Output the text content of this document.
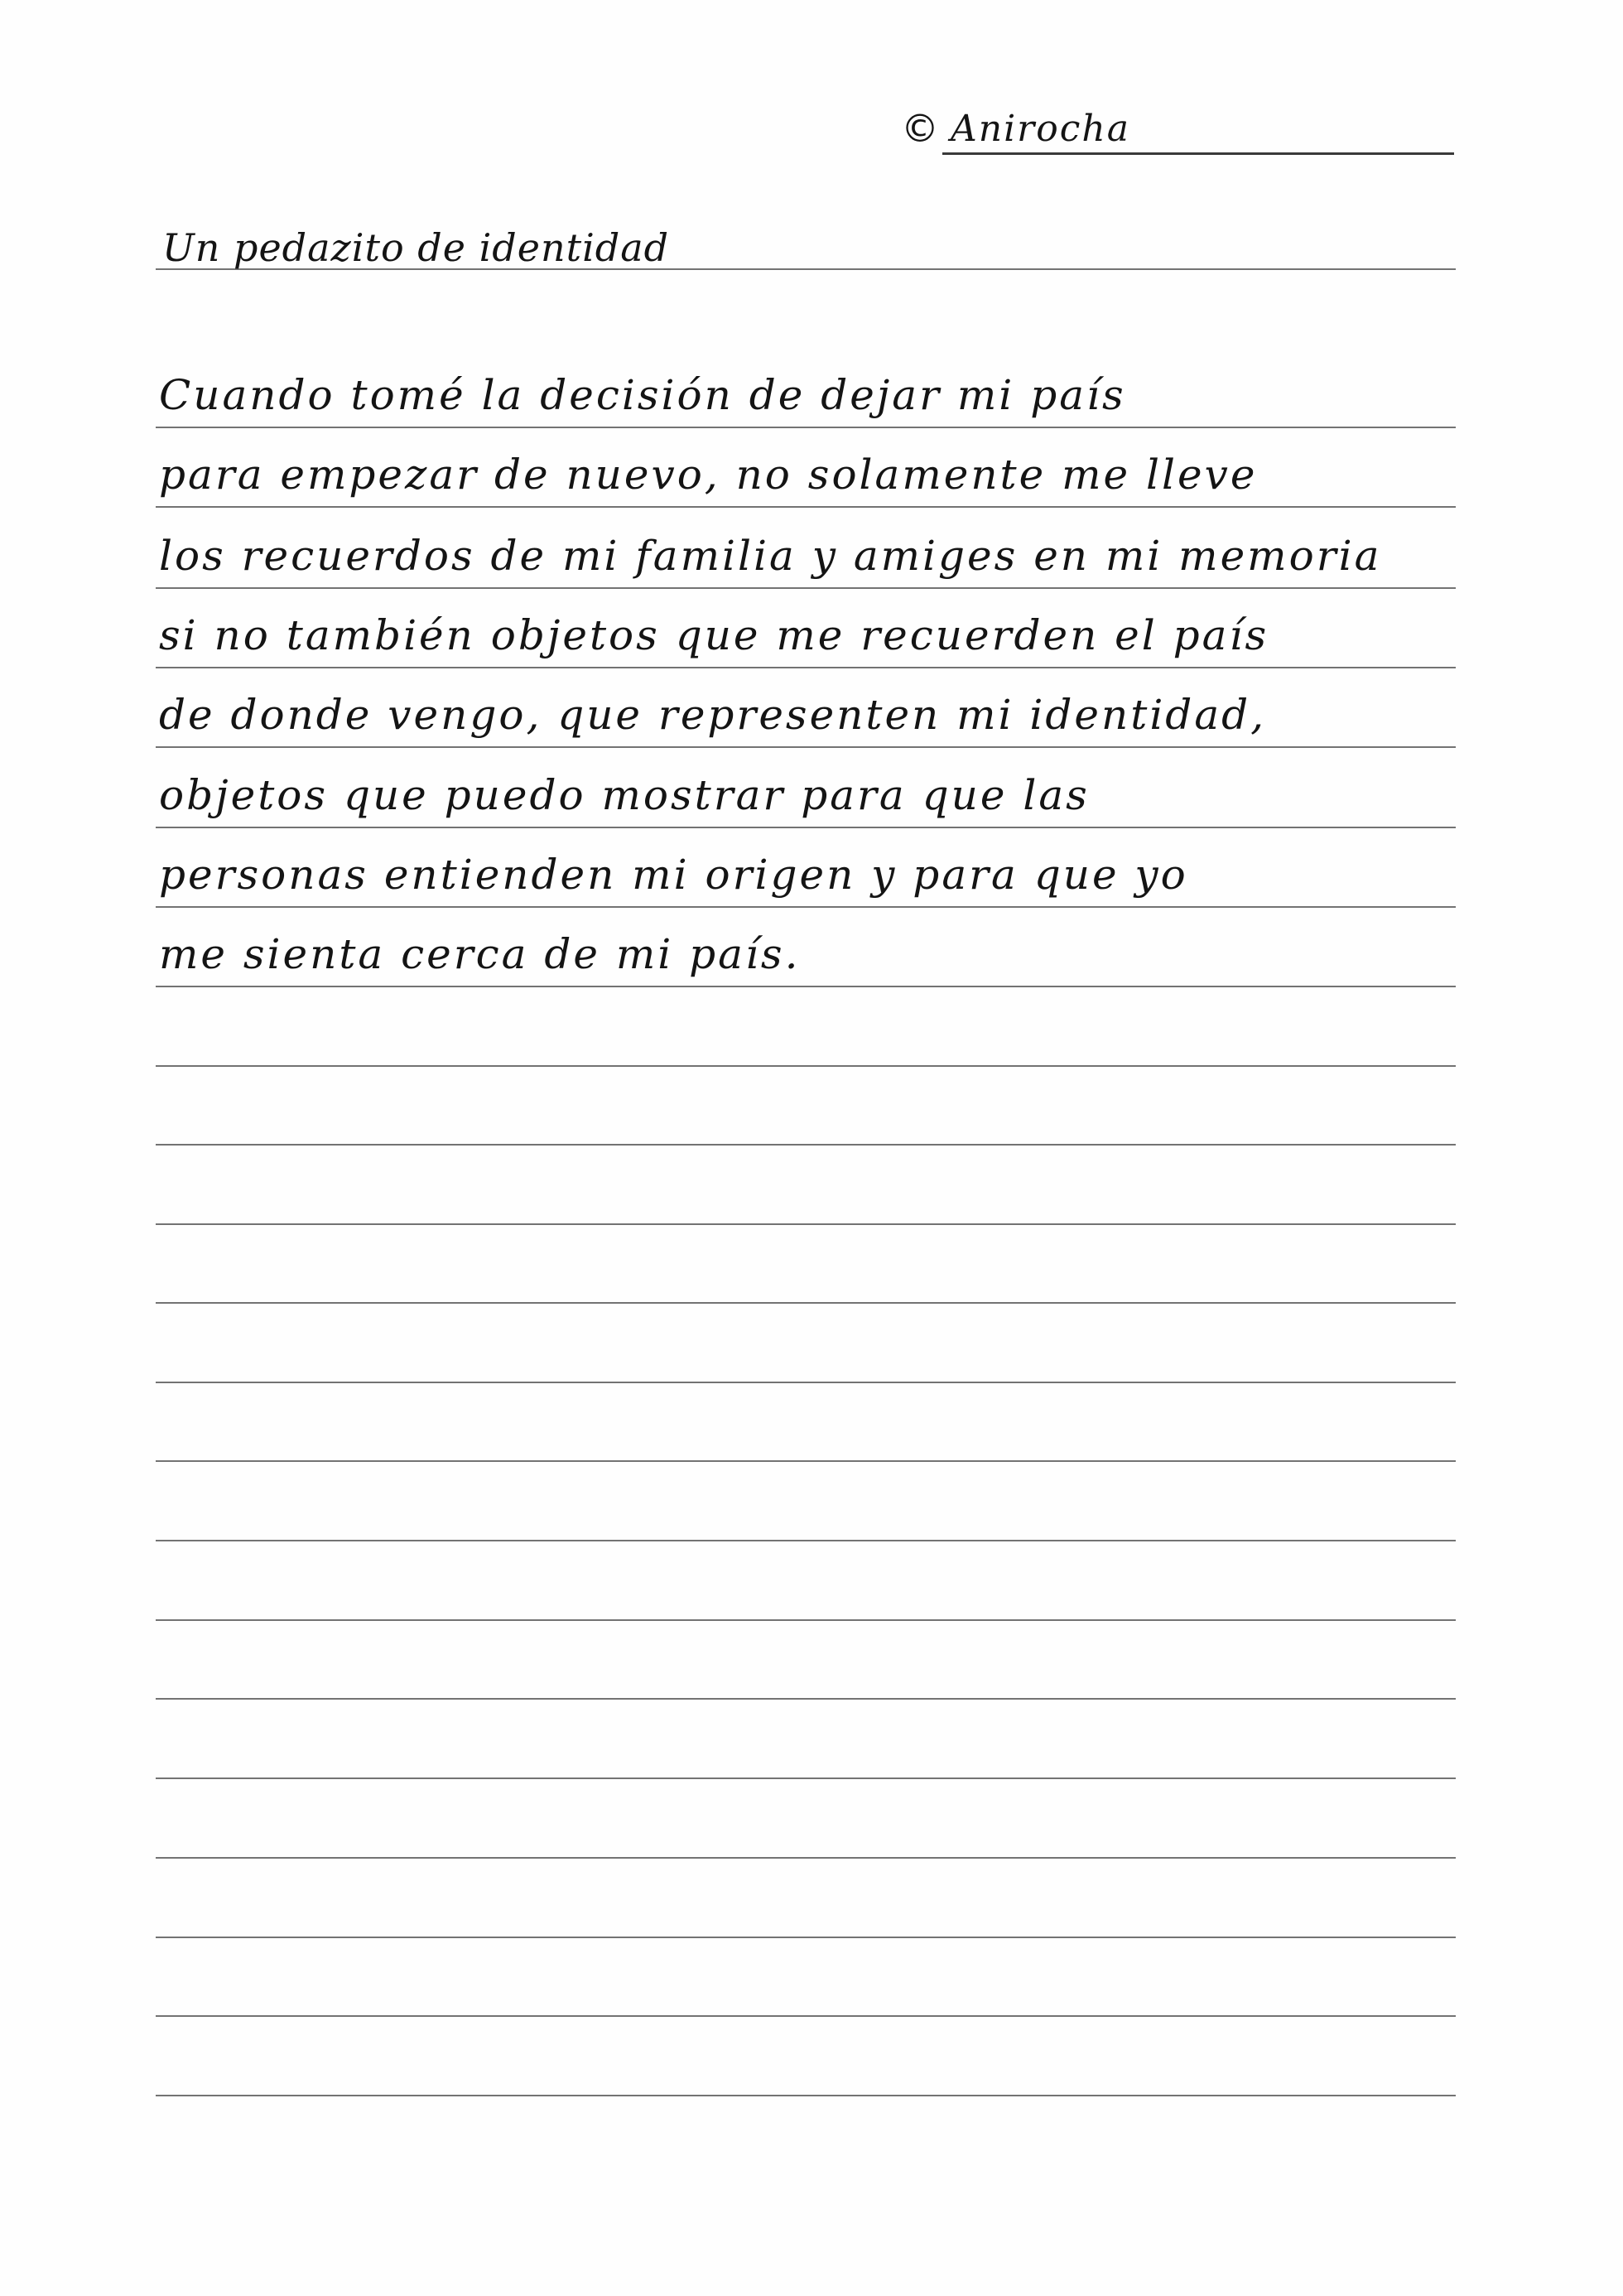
© Anirocha
Un pedazito de identidad
Cuando tomé la decisión de dejar mi país
para empezar de nuevo, no solamente me lleve
los recuerdos de mi familia y amiges en mi memoria
si no también objetos que me recuerden el país
de donde vengo, que representen mi identidad,
objetos que puedo mostrar para que las
personas entienden mi origen y para que yo
me sienta cerca de mi país.
